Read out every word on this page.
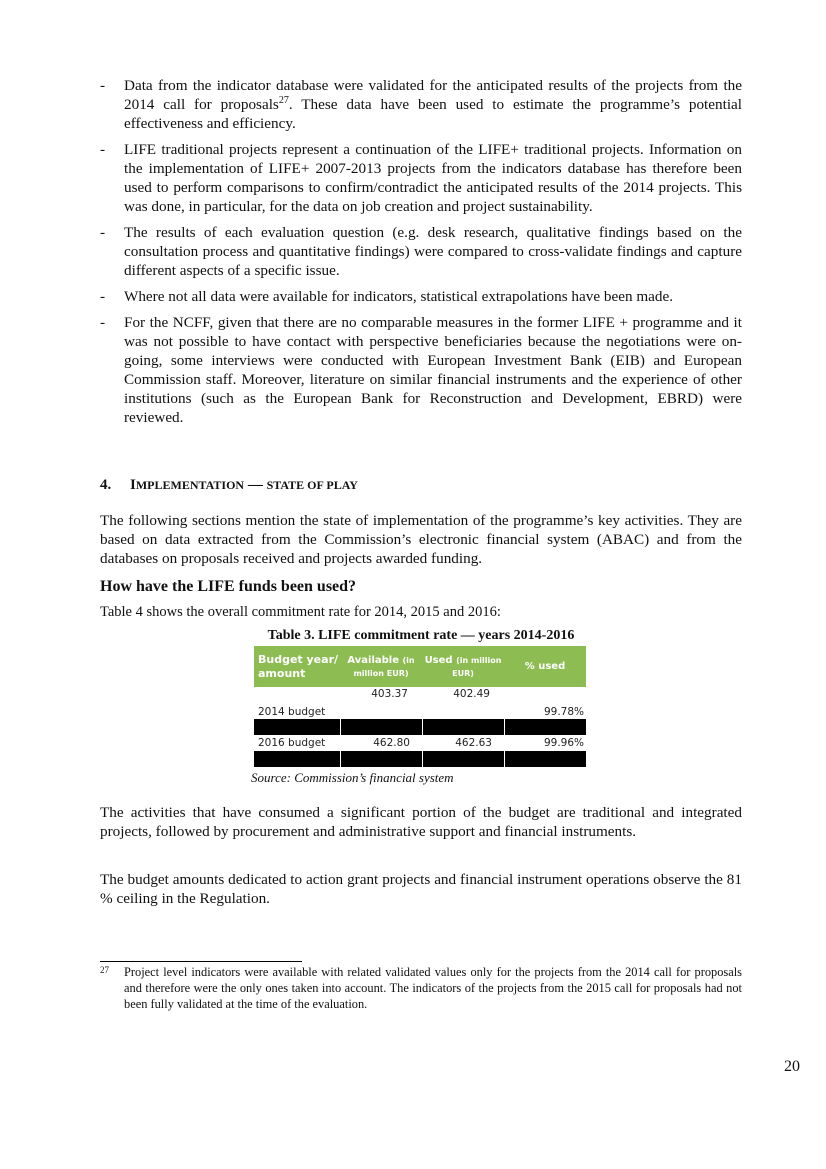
- Data from the indicator database were validated for the anticipated results of the projects from the 2014 call for proposals$^{27}$. These data have been used to estimate the programme’s potential effectiveness and efficiency.
- LIFE traditional projects represent a continuation of the LIFE+ traditional projects. Information on the implementation of LIFE+ 2007-2013 projects from the indicators database has therefore been used to perform comparisons to confirm/contradict the anticipated results of the 2014 projects. This was done, in particular, for the data on job creation and project sustainability.
- The results of each evaluation question (e.g. desk research, qualitative findings based on the consultation process and quantitative findings) were compared to cross-validate findings and capture different aspects of a specific issue.
- Where not all data were available for indicators, statistical extrapolations have been made.
- For the NCFF, given that there are no comparable measures in the former LIFE + programme and it was not possible to have contact with perspective beneficiaries because the negotiations were on-going, some interviews were conducted with European Investment Bank (EIB) and European Commission staff. Moreover, literature on similar financial instruments and the experience of other institutions (such as the European Bank for Reconstruction and Development, EBRD) were reviewed.
4. IMPLEMENTATION — STATE OF PLAY
The following sections mention the state of implementation of the programme’s key activities. They are based on data extracted from the Commission’s electronic financial system (ABAC) and from the databases on proposals received and projects awarded funding.
How have the LIFE funds been used?
Table 4 shows the overall commitment rate for 2014, 2015 and 2016:
Table 3. LIFE commitment rate — years 2014-2016
Budget year/ amount	Available (in million EUR)	Used (in million EUR)	% used
2014 budget	403.37	402.49	99.78%

2016 budget	462.80	462.63	99.96%

Source: Commission’s financial system
The activities that have consumed a significant portion of the budget are traditional and integrated projects, followed by procurement and administrative support and financial instruments.
The budget amounts dedicated to action grant projects and financial instrument operations observe the 81 % ceiling in the Regulation.
27	Project level indicators were available with related validated values only for the projects from the 2014 call for proposals and therefore were the only ones taken into account. The indicators of the projects from the 2015 call for proposals had not been fully validated at the time of the evaluation.
20
